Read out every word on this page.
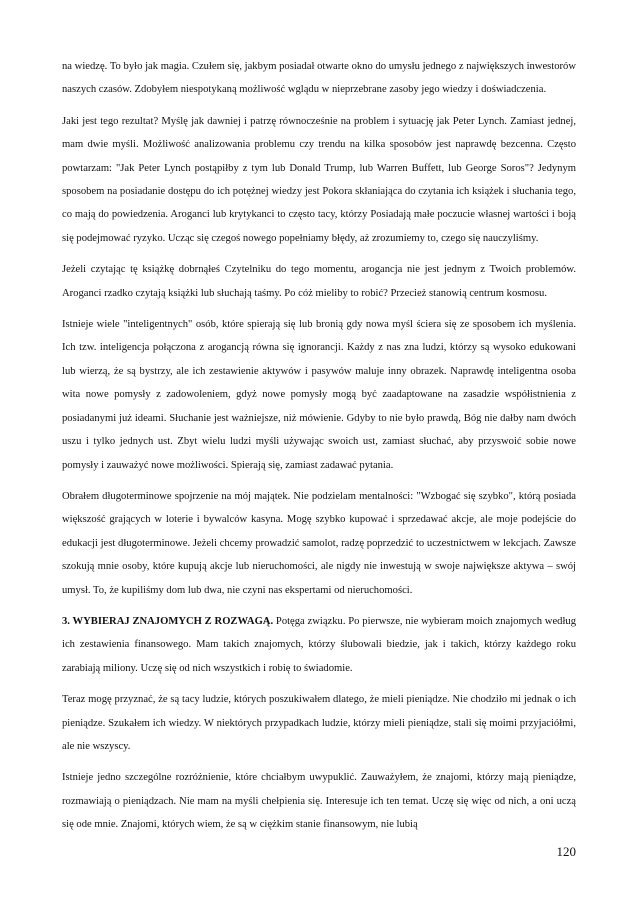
na wiedzę. To było jak magia. Czułem się, jakbym posiadał otwarte okno do umysłu jednego z największych inwestorów naszych czasów. Zdobyłem niespotykaną możliwość wglądu w nieprzebrane zasoby jego wiedzy i doświadczenia.

Jaki jest tego rezultat? Myślę jak dawniej i patrzę równocześnie na problem i sytuację jak Peter Lynch. Zamiast jednej, mam dwie myśli. Możliwość analizowania problemu czy trendu na kilka sposobów jest naprawdę bezcenna. Często powtarzam: "Jak Peter Lynch postąpiłby z tym lub Donald Trump, lub Warren Buffett, lub George Soros"? Jedynym sposobem na posiadanie dostępu do ich potężnej wiedzy jest Pokora skłaniająca do czytania ich książek i słuchania tego, co mają do powiedzenia. Aroganci lub krytykanci to często tacy, którzy Posiadają małe poczucie własnej wartości i boją się podejmować ryzyko. Ucząc się czegoś nowego popełniamy błędy, aż zrozumiemy to, czego się nauczyliśmy.

Jeżeli czytając tę książkę dobrnąłeś Czytelniku do tego momentu, arogancja nie jest jednym z Twoich problemów. Aroganci rzadko czytają książki lub słuchają taśmy. Po cóż mieliby to robić? Przecież stanowią centrum kosmosu.

Istnieje wiele "inteligentnych" osób, które spierają się lub bronią gdy nowa myśl ściera się ze sposobem ich myślenia. Ich tzw. inteligencja połączona z arogancją równa się ignorancji. Każdy z nas zna ludzi, którzy są wysoko edukowani lub wierzą, że są bystrzy, ale ich zestawienie aktywów i pasywów maluje inny obrazek. Naprawdę inteligentna osoba wita nowe pomysły z zadowoleniem, gdyż nowe pomysły mogą być zaadaptowane na zasadzie współistnienia z posiadanymi już ideami. Słuchanie jest ważniejsze, niż mówienie. Gdyby to nie było prawdą, Bóg nie dałby nam dwóch uszu i tylko jednych ust. Zbyt wielu ludzi myśli używając swoich ust, zamiast słuchać, aby przyswoić sobie nowe pomysły i zauważyć nowe możliwości. Spierają się, zamiast zadawać pytania.

Obrałem długoterminowe spojrzenie na mój majątek. Nie podzielam mentalności: "Wzbogać się szybko", którą posiada większość grających w loterie i bywalców kasyna. Mogę szybko kupować i sprzedawać akcje, ale moje podejście do edukacji jest długoterminowe. Jeżeli chcemy prowadzić samolot, radzę poprzedzić to uczestnictwem w lekcjach. Zawsze szokują mnie osoby, które kupują akcje lub nieruchomości, ale nigdy nie inwestują w swoje największe aktywa – swój umysł. To, że kupiliśmy dom lub dwa, nie czyni nas ekspertami od nieruchomości.

3. WYBIERAJ ZNAJOMYCH Z ROZWAGĄ. Potęga związku. Po pierwsze, nie wybieram moich znajomych według ich zestawienia finansowego. Mam takich znajomych, którzy ślubowali biedzie, jak i takich, którzy każdego roku zarabiają miliony. Uczę się od nich wszystkich i robię to świadomie.

Teraz mogę przyznać, że są tacy ludzie, których poszukiwałem dlatego, że mieli pieniądze. Nie chodziło mi jednak o ich pieniądze. Szukałem ich wiedzy. W niektórych przypadkach ludzie, którzy mieli pieniądze, stali się moimi przyjaciółmi, ale nie wszyscy.

Istnieje jedno szczególne rozróżnienie, które chciałbym uwypuklić. Zauważyłem, że znajomi, którzy mają pieniądze, rozmawiają o pieniądzach. Nie mam na myśli chełpienia się. Interesuje ich ten temat. Uczę się więc od nich, a oni uczą się ode mnie. Znajomi, których wiem, że są w ciężkim stanie finansowym, nie lubią

120
